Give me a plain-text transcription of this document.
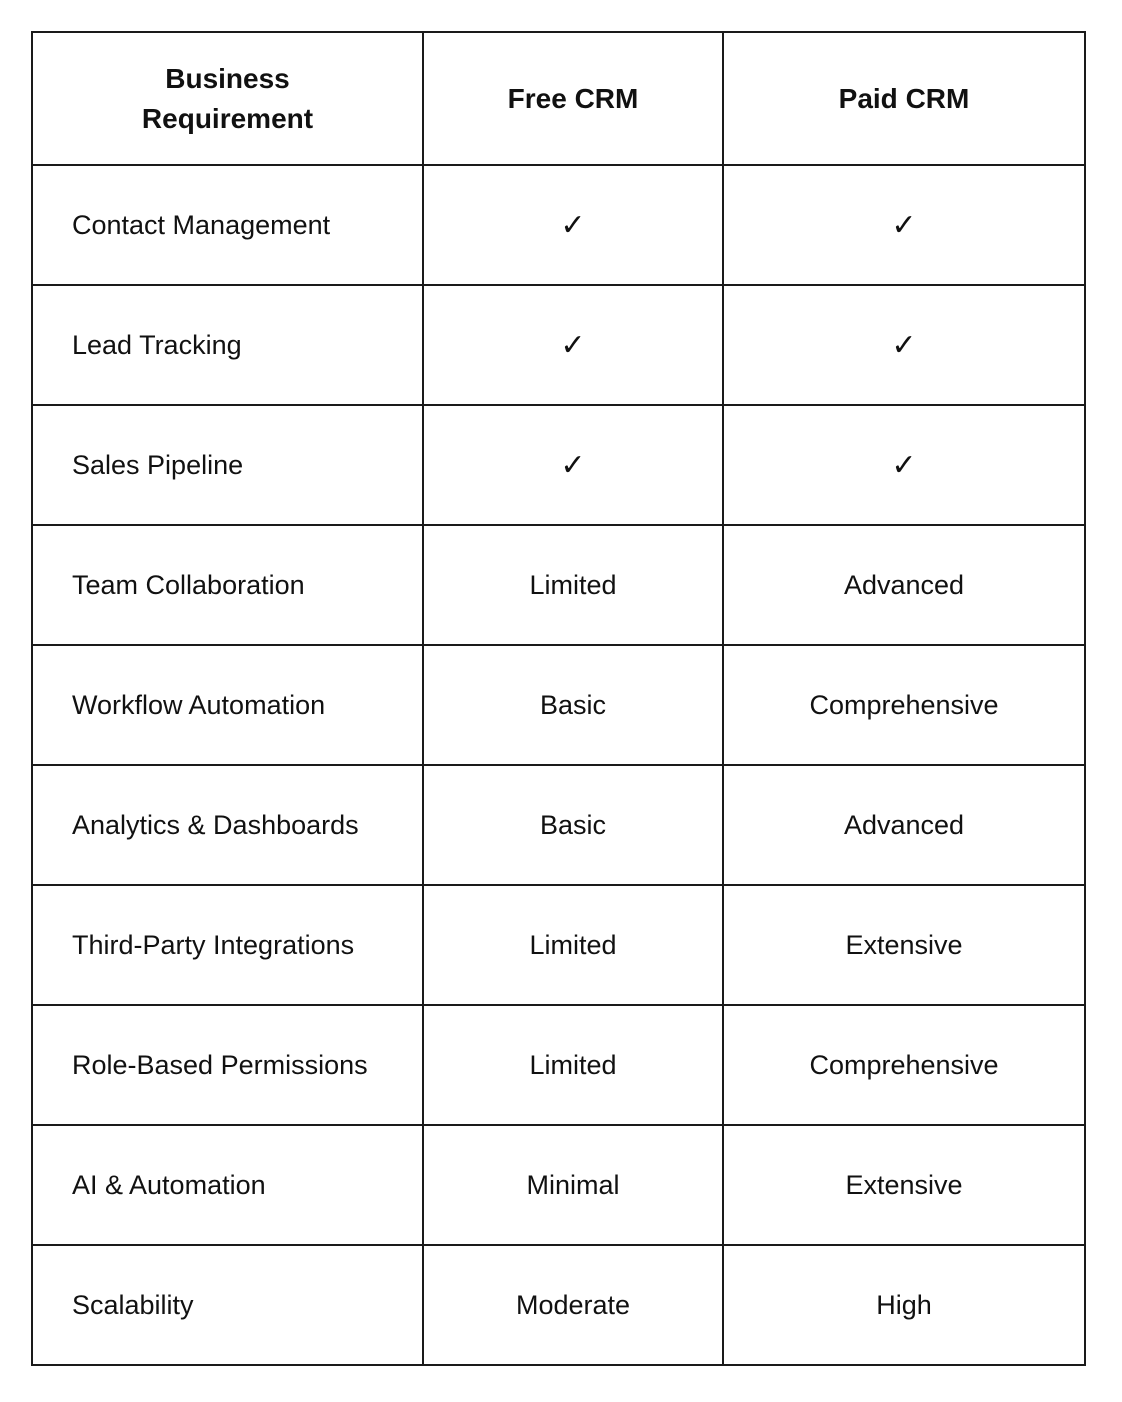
Business
Requirement	Free CRM	Paid CRM
Contact Management	✓	✓
Lead Tracking	✓	✓
Sales Pipeline	✓	✓
Team Collaboration	Limited	Advanced
Workflow Automation	Basic	Comprehensive
Analytics & Dashboards	Basic	Advanced
Third-Party Integrations	Limited	Extensive
Role-Based Permissions	Limited	Comprehensive
AI & Automation	Minimal	Extensive
Scalability	Moderate	High
